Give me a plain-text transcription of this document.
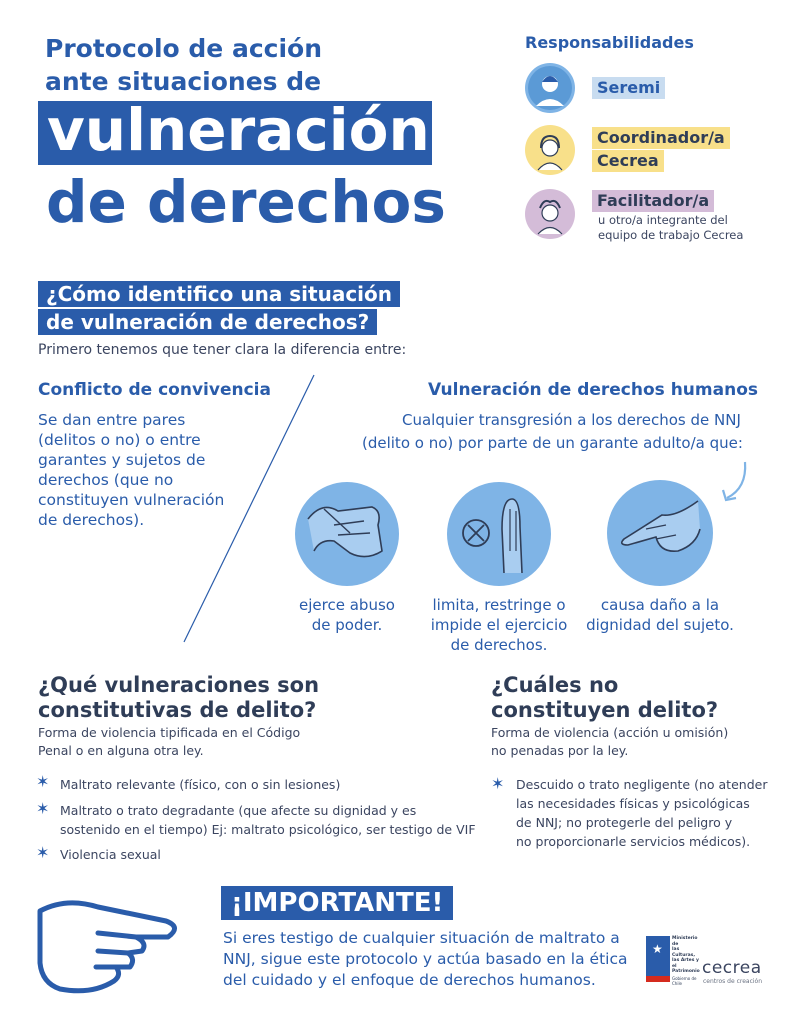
Protocolo de acción
ante situaciones de
vulneración
de derechos
Responsabilidades
Seremi
Coordinador/a
Cecrea
Facilitador/a
u otro/a integrante del
equipo de trabajo Cecrea
¿Cómo identifico una situación
de vulneración de derechos?
Primero tenemos que tener clara la diferencia entre:
Conflicto de convivencia
Se dan entre pares
(delitos o no) o entre
garantes y sujetos de
derechos (que no
constituyen vulneración
de derechos).
Vulneración de derechos humanos
Cualquier transgresión a los derechos de NNJ
(delito o no) por parte de un garante adulto/a que:
ejerce abuso
de poder.
limita, restringe o
impide el ejercicio
de derechos.
causa daño a la
dignidad del sujeto.
¿Qué vulneraciones son
constitutivas de delito?
Forma de violencia tipificada en el Código
Penal o en alguna otra ley.
✶ Maltrato relevante (físico, con o sin lesiones)
✶ Maltrato o trato degradante (que afecte su dignidad y es
sostenido en el tiempo) Ej: maltrato psicológico, ser testigo de VIF
✶ Violencia sexual
¿Cuáles no
constituyen delito?
Forma de violencia (acción u omisión)
no penadas por la ley.
✶ Descuido o trato negligente (no atender
las necesidades físicas y psicológicas
de NNJ; no protegerle del peligro y
no proporcionarle servicios médicos).
¡IMPORTANTE!
Si eres testigo de cualquier situación de maltrato a
NNJ, sigue este protocolo y actúa basado en la ética
del cuidado y el enfoque de derechos humanos.
★
Ministerio de
las Culturas,
las Artes y el
Patrimonio
Gobierno de Chile
cecrea
centros de creación
